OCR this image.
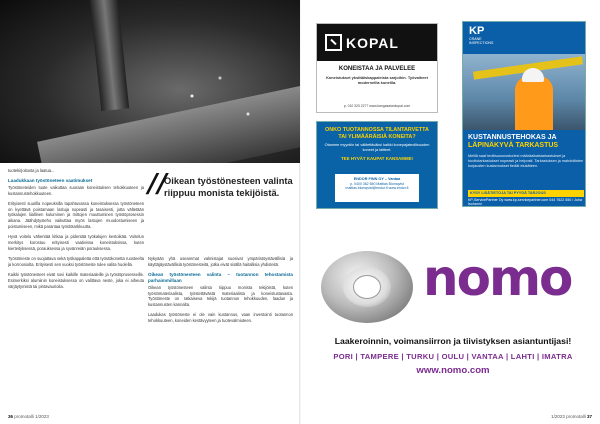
tuotekirjoitusta ja laatua...

Laadukkaan työstöneteen vaatimukset

Työstöneteiden tuote vaikuttaa suoraan koneistuksen tehokkuuteen ja kustannustehokkuuteen.

Erityisesti suurilla nopeuksilla tapahtuvassa koneistuksessa työstöneteen on kyettävä poistamaan lastuja nopeasti ja tasaisesti, jotta vältetään työkalujen liiallinen kuluminen ja mittojen muuttuminen työstöprosessin aikana. Jäähdytysteho vaikuttaa myös lastujen muodostumiseen ja poistumiseen, mikä parantaa työstötarkkuutta.

Hyvä voitelu vähentää kitkaa ja pidentää työkalujen kestoikää. Voitelun merkitys korostuu erityisesti vaativissa koneistuksissa, kuten kierteityksessä, porauksessa ja syvänreiän porauksessa.

Työstöneste on suojattava sekä työkappaletta että työstökonetta ruosteelta ja korroosiolta. Erityisesti sen vuoksi työstöneste tulee valita huolella.

Kaikki työstönesteet eivät sovi kaikille materiaaleille ja työstöprosesseille. Esimerkiksi alumiinin koneistuksessa on valittava neste, joka ei aiheuta värjäytymistä tai pintavaurioita.

//
Oikean työstönesteen valinta riippuu monista tekijöistä.

Nykyään yhä useammat valmistajat suosivat ympäristöystävällisiä ja käyttäjäystävällisiä työstönesteitä, jotka eivät sisällä haitallisia yhdisteitä.

Oikean työstönesteen valinta – tuotannon tehostamista parhaimmillaan

Oikean työstönesteen valinta riippuu monista tekijöistä, kuten työstömateriaalista, työstettävästä materiaalista ja koneistustavasta. Työstöneste on ratkaiseva tekijä tuotannon tehokkuuden, laadun ja kustannusten kannalta.

Laadukas työstöneste ei ole vain kustannus, vaan investointi tuotannon tehokkuuteen, koneiden kestävyyteen ja tuotevalmiuteen.

36 promotalli 1/2023
KOPAL
KONEISTAA JA PALVELEE
Koneistukset yksittäiskappaleista sarjoihin. Työvaiheet moderneilla koneilla.
p. 010 320 2277 www.kangasalankopal.com
ONKO TUOTANNOSSA TILANTARVETTA TAI YLIMÄÄRÄISIÄ KONEITA?
Otamme myyntiin tai välitettäväksi kaikki konepajateollisuuden koneet ja laitteet.
TEE HYVÄT KAUPAT KANSAMME!
ENDOR FINN OY – Vantaa
p. 0400 362 650 Mattias Blomqvist mattias.blomqvist@endor.fi www.endor.fi
KP
CRANE INSPECTIONS
KUSTANNUSTEHOKAS JA
LÄPINÄKYVÄ TARKASTUS
Meillä saat teollisuusnosturiesi määräaikaistarkastukset ja huoltotarkastukset nopeasti ja helposti. Tarkastuksen ja mahdollisten korjausten kustannukset tiedät etukäteen.
KYSY LISÄTIETOJA TAI PYYDÄ TARJOUS
KP-ServicePartner Oy www.kp-servicepartner.com 044 7622 550 / Juha Isohanni
nomo
Laakeroinnin, voimansiirron ja tiivistyksen asiantuntijasi!
PORI | TAMPERE | TURKU | OULU | VANTAA | LAHTI | IMATRA
www.nomo.com
1/2023 promotalli 37
